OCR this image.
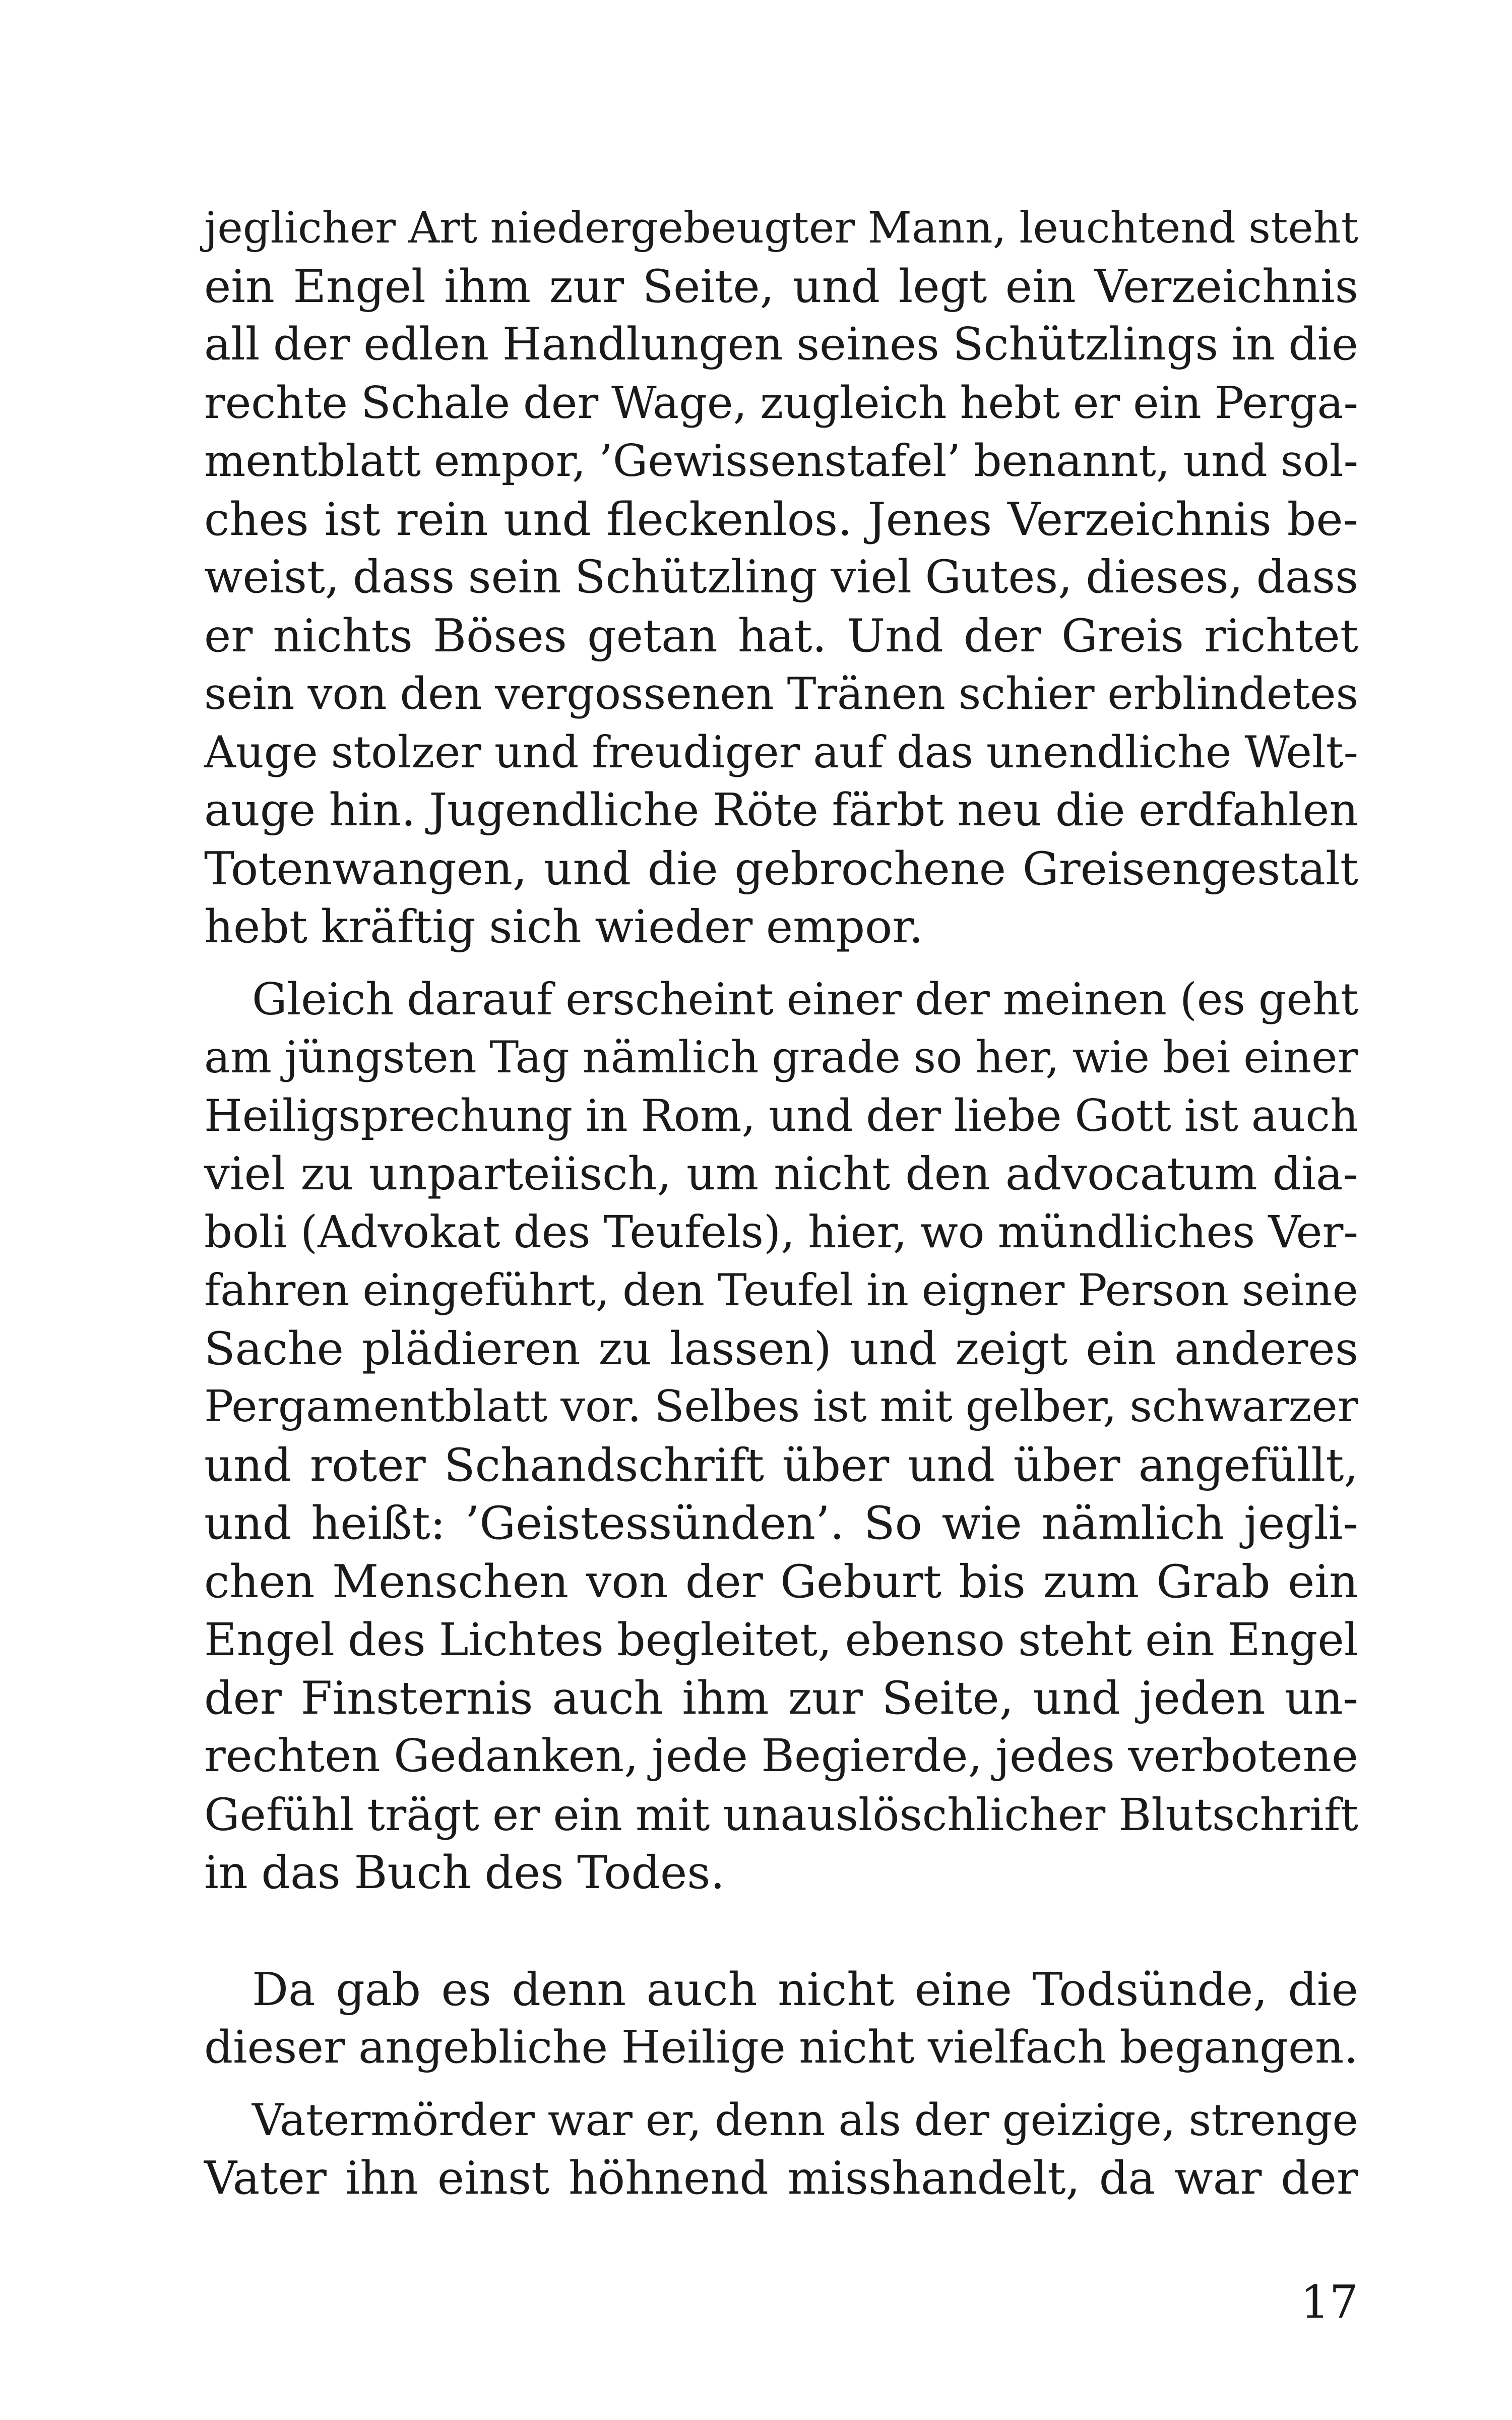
jeglicher Art niedergebeugter Mann, leuchtend steht
ein Engel ihm zur Seite, und legt ein Verzeichnis
all der edlen Handlungen seines Schützlings in die
rechte Schale der Wage, zugleich hebt er ein Perga-
mentblatt empor, ’Gewissenstafel’ benannt, und sol-
ches ist rein und fleckenlos. Jenes Verzeichnis be-
weist, dass sein Schützling viel Gutes, dieses, dass
er nichts Böses getan hat. Und der Greis richtet
sein von den vergossenen Tränen schier erblindetes
Auge stolzer und freudiger auf das unendliche Welt-
auge hin. Jugendliche Röte färbt neu die erdfahlen
Totenwangen, und die gebrochene Greisengestalt
hebt kräftig sich wieder empor.
Gleich darauf erscheint einer der meinen (es geht
am jüngsten Tag nämlich grade so her, wie bei einer
Heiligsprechung in Rom, und der liebe Gott ist auch
viel zu unparteiisch, um nicht den advocatum dia-
boli (Advokat des Teufels), hier, wo mündliches Ver-
fahren eingeführt, den Teufel in eigner Person seine
Sache plädieren zu lassen) und zeigt ein anderes
Pergamentblatt vor. Selbes ist mit gelber, schwarzer
und roter Schandschrift über und über angefüllt,
und heißt: ’Geistessünden’. So wie nämlich jegli-
chen Menschen von der Geburt bis zum Grab ein
Engel des Lichtes begleitet, ebenso steht ein Engel
der Finsternis auch ihm zur Seite, und jeden un-
rechten Gedanken, jede Begierde, jedes verbotene
Gefühl trägt er ein mit unauslöschlicher Blutschrift
in das Buch des Todes.
Da gab es denn auch nicht eine Todsünde, die
dieser angebliche Heilige nicht vielfach begangen.
Vatermörder war er, denn als der geizige, strenge
Vater ihn einst höhnend misshandelt, da war der
17
